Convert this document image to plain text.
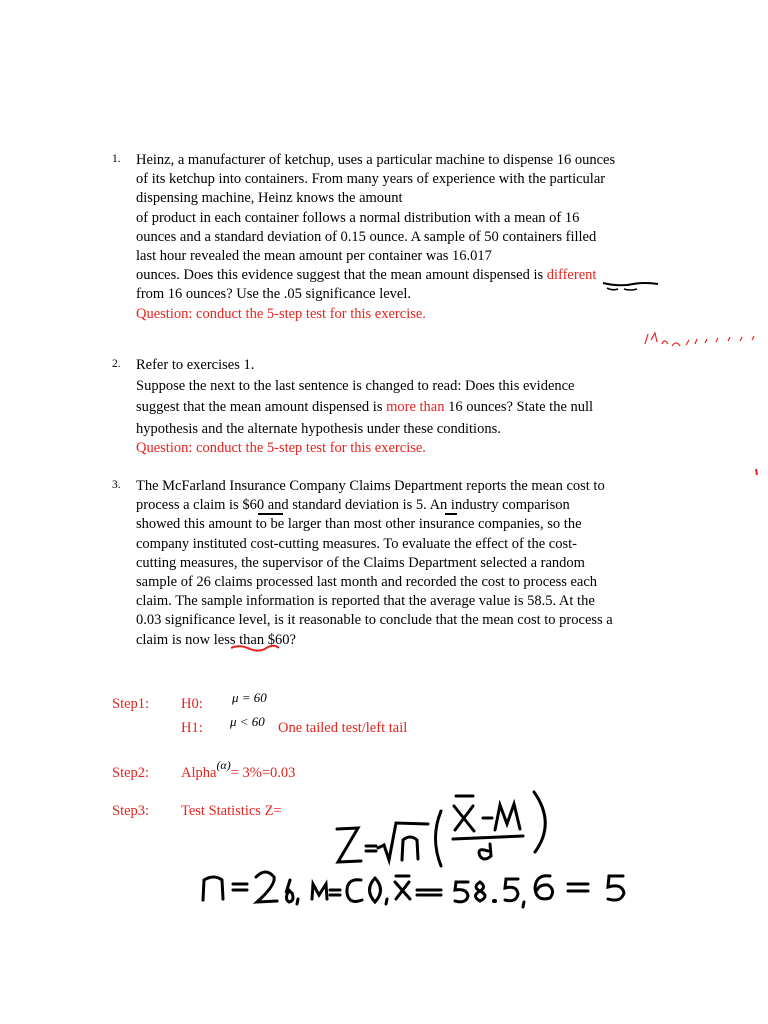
1. Heinz, a manufacturer of ketchup, uses a particular machine to dispense 16 ounces
of its ketchup into containers. From many years of experience with the particular
dispensing machine, Heinz knows the amount
of product in each container follows a normal distribution with a mean of 16
ounces and a standard deviation of 0.15 ounce. A sample of 50 containers filled
last hour revealed the mean amount per container was 16.017
ounces. Does this evidence suggest that the mean amount dispensed is different
from 16 ounces? Use the .05 significance level.
Question: conduct the 5-step test for this exercise.
2. Refer to exercises 1.
Suppose the next to the last sentence is changed to read: Does this evidence
suggest that the mean amount dispensed is more than 16 ounces? State the null
hypothesis and the alternate hypothesis under these conditions.
Question: conduct the 5-step test for this exercise.
3. The McFarland Insurance Company Claims Department reports the mean cost to
process a claim is $60 and standard deviation is 5. An industry comparison
showed this amount to be larger than most other insurance companies, so the
company instituted cost-cutting measures. To evaluate the effect of the cost-
cutting measures, the supervisor of the Claims Department selected a random
sample of 26 claims processed last month and recorded the cost to process each
claim. The sample information is reported that the average value is 58.5. At the
0.03 significance level, is it reasonable to conclude that the mean cost to process a
claim is now less than $60?
Step1: H0: μ = 60
H1: μ < 60 One tailed test/left tail
Step2: Alpha$^{(\alpha)}$= 3%=0.03
Step3: Test Statistics Z=
